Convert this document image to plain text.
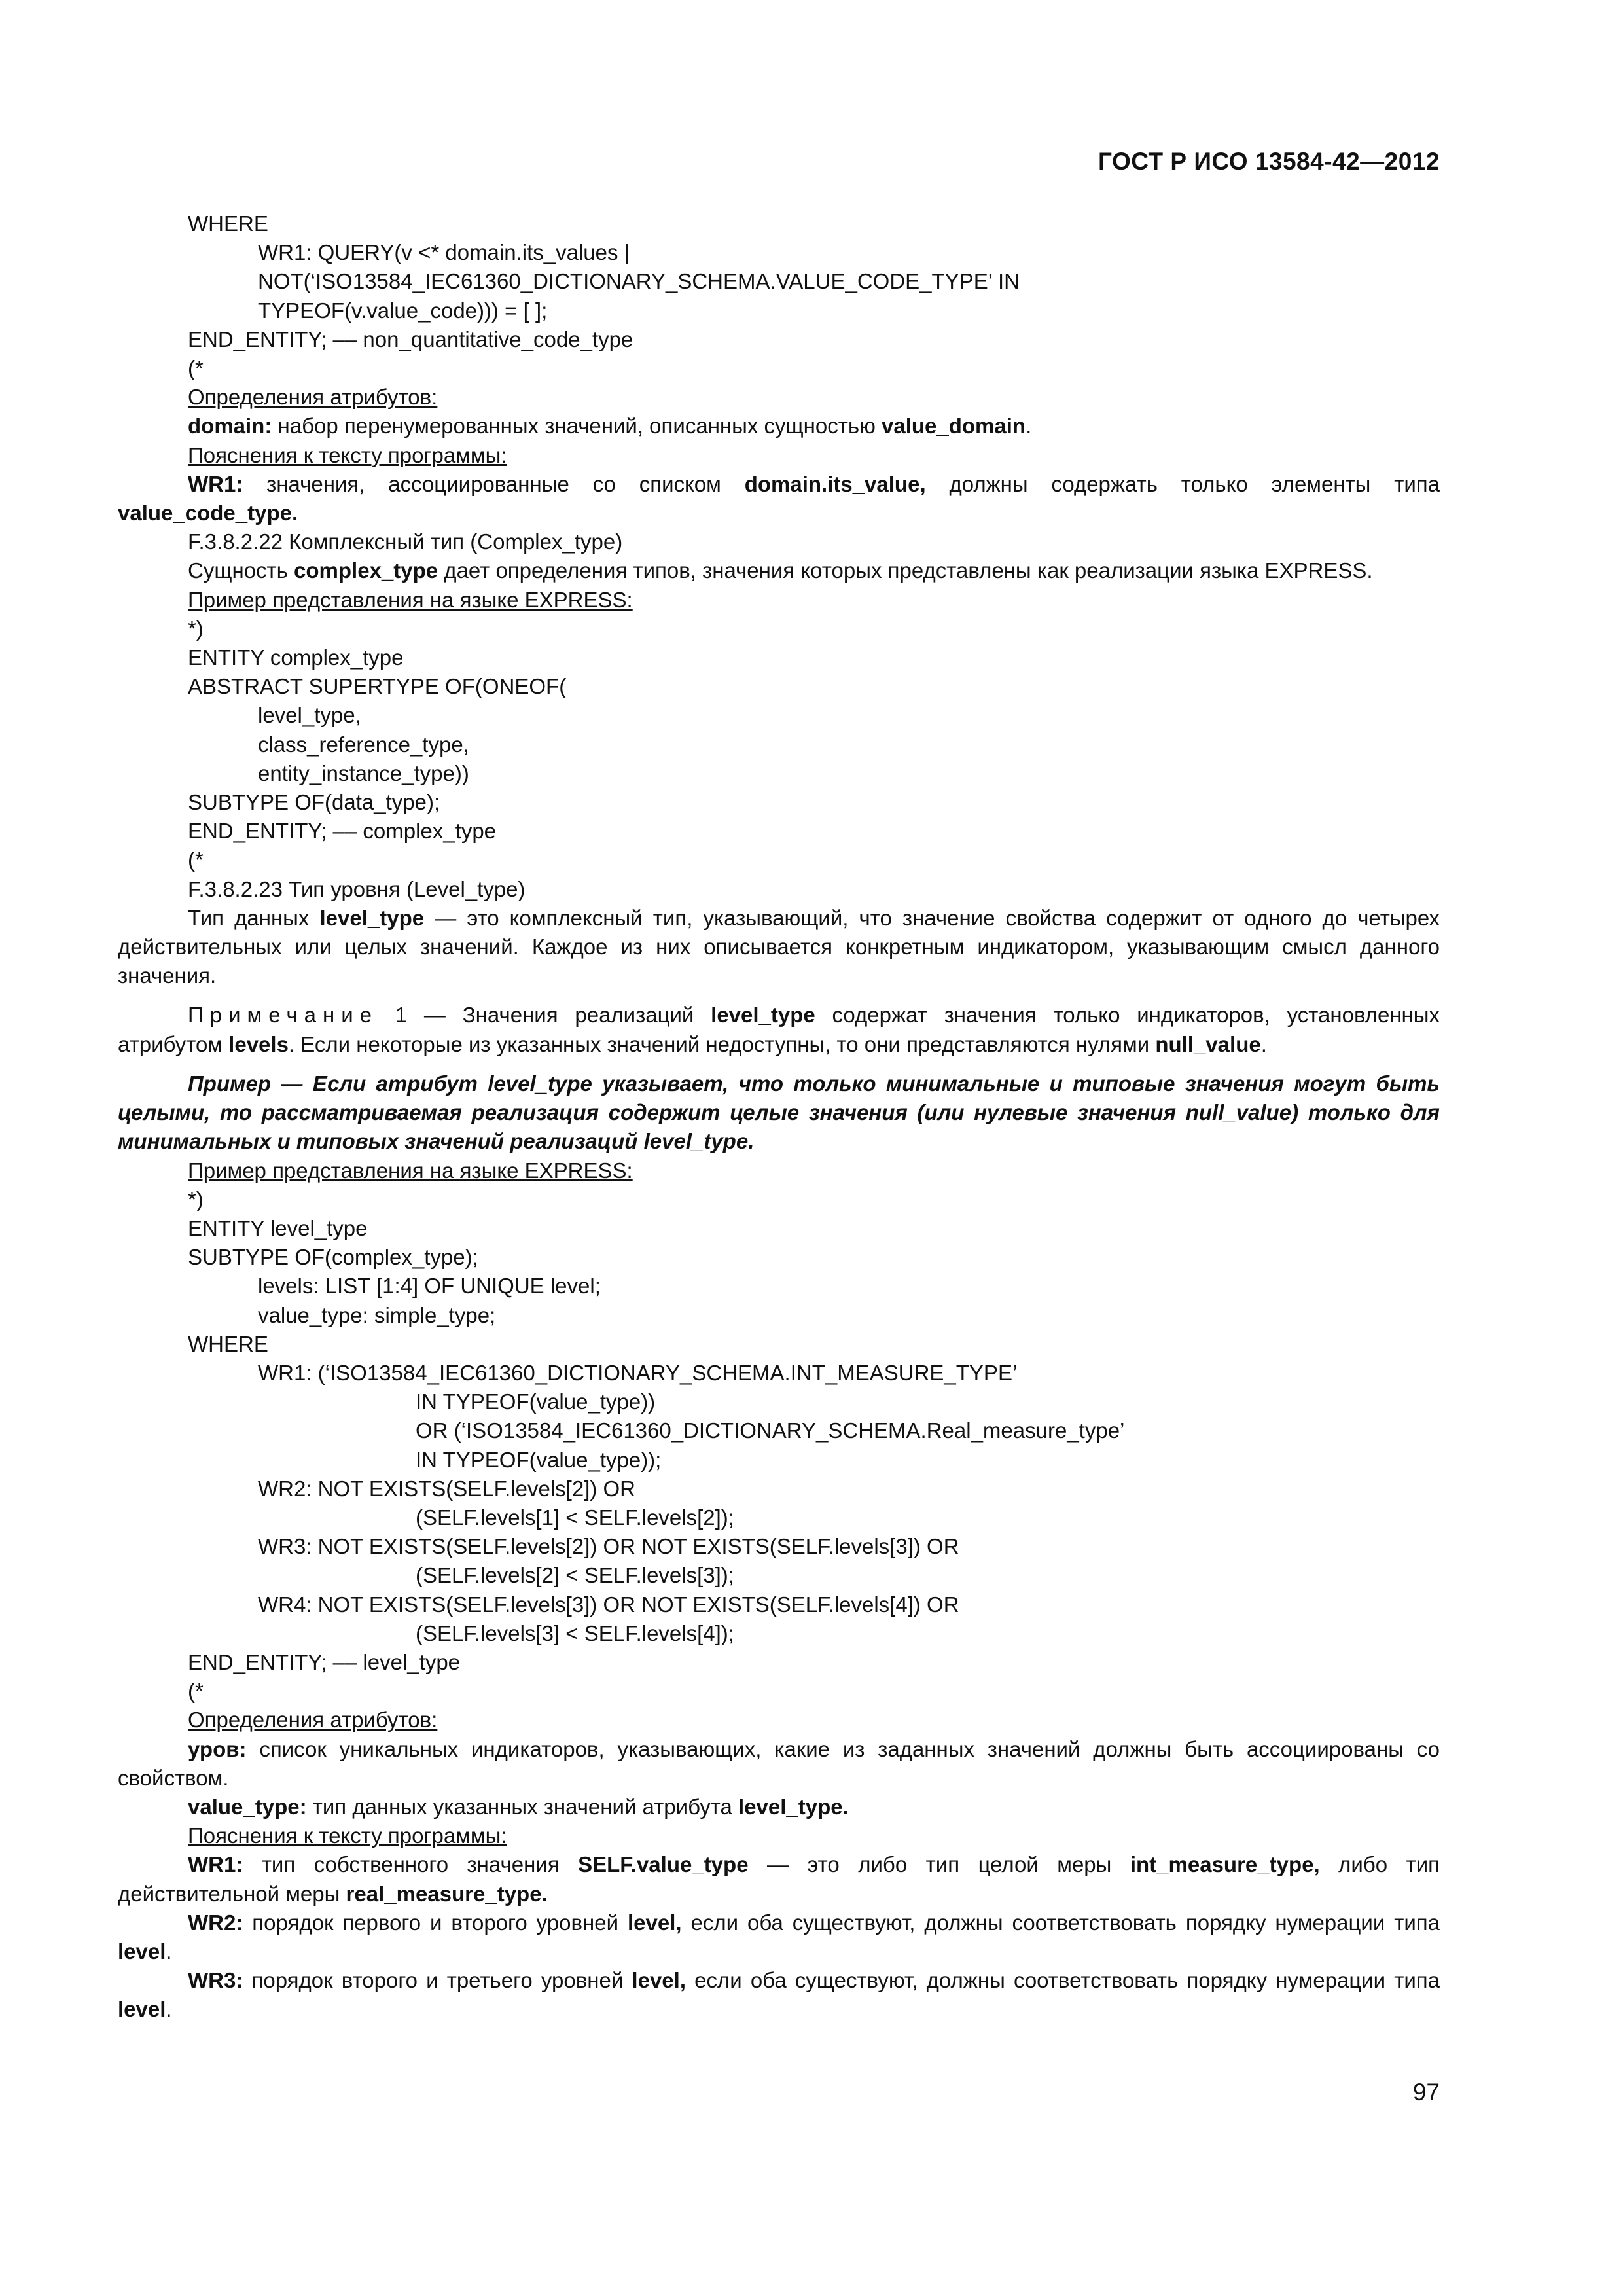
ГОСТ Р ИСО 13584-42—2012
WHERE
WR1: QUERY(v <* domain.its_values |
NOT(‘ISO13584_IEC61360_DICTIONARY_SCHEMA.VALUE_CODE_TYPE’ IN
TYPEOF(v.value_code))) = [ ];
END_ENTITY; –– non_quantitative_code_type
(*
Определения атрибутов:

domain: набор перенумерованных значений, описанных сущностью value_domain.

Пояснения к тексту программы:

WR1: значения, ассоциированные со списком domain.its_value, должны содержать только элементы типа value_code_type.

F.3.8.2.22 Комплексный тип (Complex_type)

Сущность complex_type дает определения типов, значения которых представлены как реализации языка EXPRESS.

Пример представления на языке EXPRESS:
*)
ENTITY complex_type
ABSTRACT SUPERTYPE OF(ONEOF(
level_type,
class_reference_type,
entity_instance_type))
SUBTYPE OF(data_type);
END_ENTITY; –– complex_type
(*

F.3.8.2.23 Тип уровня (Level_type)

Тип данных level_type — это комплексный тип, указывающий, что значение свойства содержит от одного до четырех действительных или целых значений. Каждое из них описывается конкретным индикатором, указывающим смысл данного значения.

Примечание 1 — Значения реализаций level_type содержат значения только индикаторов, установленных атрибутом levels. Если некоторые из указанных значений недоступны, то они представляются нулями null_value.

Пример — Если атрибут level_type указывает, что только минимальные и типовые значения могут быть целыми, то рассматриваемая реализация содержит целые значения (или нулевые значения null_value) только для минимальных и типовых значений реализаций level_type.

Пример представления на языке EXPRESS:
*)
ENTITY level_type
SUBTYPE OF(complex_type);
levels: LIST [1:4] OF UNIQUE level;
value_type: simple_type;
WHERE
WR1: (‘ISO13584_IEC61360_DICTIONARY_SCHEMA.INT_MEASURE_TYPE’
IN TYPEOF(value_type))
OR (‘ISO13584_IEC61360_DICTIONARY_SCHEMA.Real_measure_type’
IN TYPEOF(value_type));
WR2: NOT EXISTS(SELF.levels[2]) OR
(SELF.levels[1] < SELF.levels[2]);
WR3: NOT EXISTS(SELF.levels[2]) OR NOT EXISTS(SELF.levels[3]) OR
(SELF.levels[2] < SELF.levels[3]);
WR4: NOT EXISTS(SELF.levels[3]) OR NOT EXISTS(SELF.levels[4]) OR
(SELF.levels[3] < SELF.levels[4]);
END_ENTITY; –– level_type
(*
Определения атрибутов:

уров: список уникальных индикаторов, указывающих, какие из заданных значений должны быть ассоциированы со свойством.

value_type: тип данных указанных значений атрибута level_type.

Пояснения к тексту программы:

WR1: тип собственного значения SELF.value_type — это либо тип целой меры int_measure_type, либо тип действительной меры real_measure_type.

WR2: порядок первого и второго уровней level, если оба существуют, должны соответствовать порядку нумерации типа level.

WR3: порядок второго и третьего уровней level, если оба существуют, должны соответствовать порядку нумерации типа level.

97
